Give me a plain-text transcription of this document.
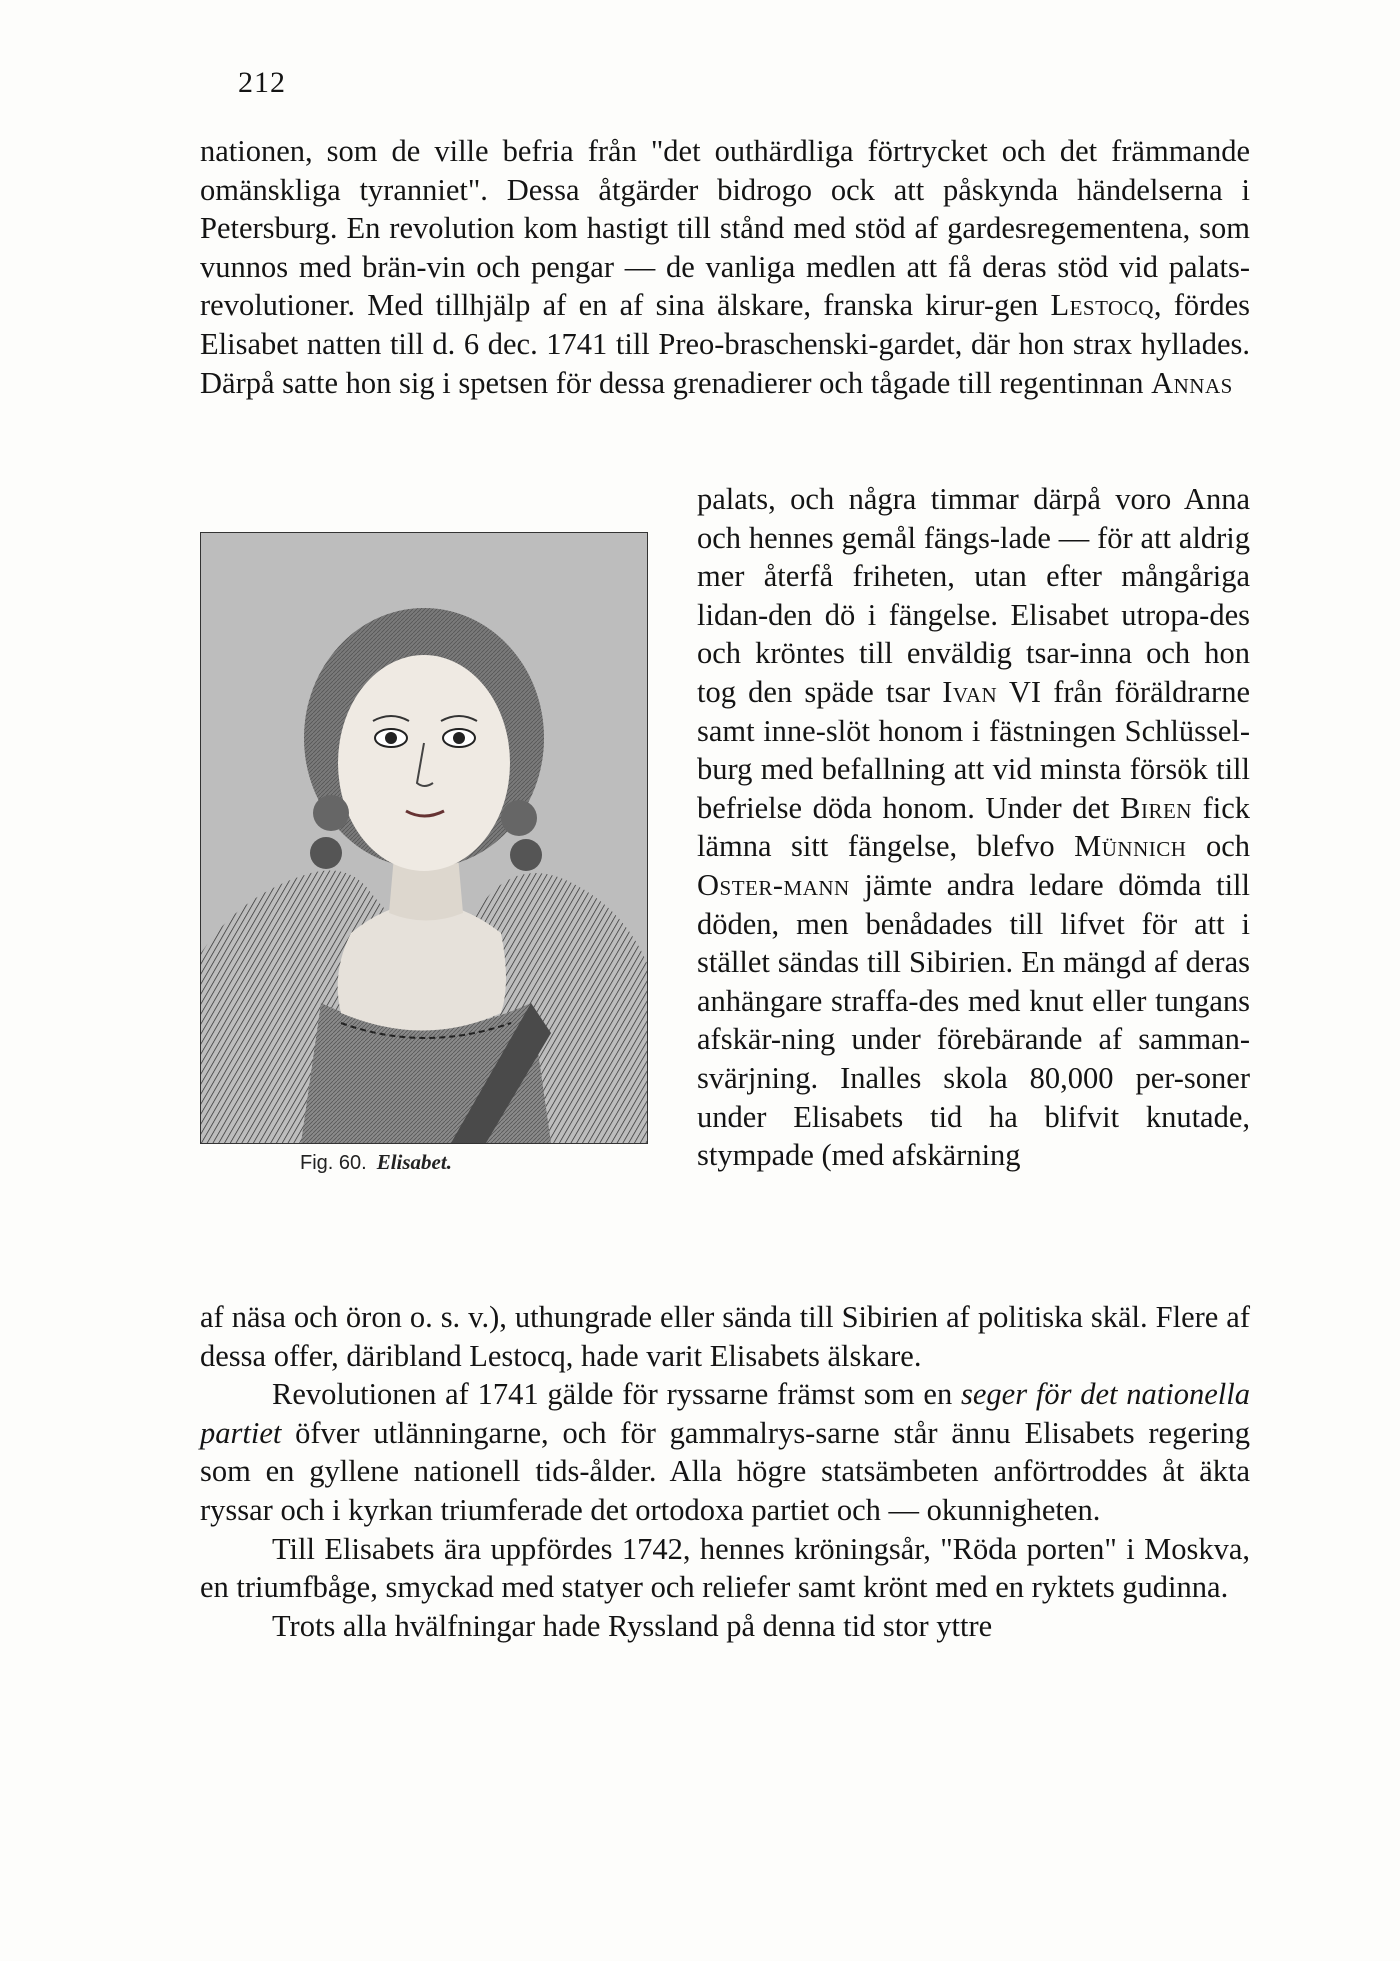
212

nationen, som de ville befria från "det outhärdliga förtrycket och det främmande omänskliga tyranniet". Dessa åtgärder bidrogo ock att påskynda händelserna i Petersburg. En revolution kom hastigt till stånd med stöd af gardesregementena, som vunnos med brän-vin och pengar — de vanliga medlen att få deras stöd vid palats-revolutioner. Med tillhjälp af en af sina älskare, franska kirur-gen Lestocq, fördes Elisabet natten till d. 6 dec. 1741 till Preo-braschenski-gardet, där hon strax hyllades. Därpå satte hon sig i spetsen för dessa grenadierer och tågade till regentinnan Annas

palats, och några timmar därpå voro Anna och hennes gemål fängs-lade — för att aldrig mer återfå friheten, utan efter mångåriga lidan-den dö i fängelse. Elisabet utropa-des och kröntes till enväldig tsar-inna och hon tog den späde tsar Ivan VI från föräldrarne samt inne-slöt honom i fästningen Schlüssel-burg med befallning att vid minsta försök till befrielse döda honom. Under det Biren fick lämna sitt fängelse, blefvo Münnich och Oster-mann jämte andra ledare dömda till döden, men benådades till lifvet för att i stället sändas till Sibirien. En mängd af deras anhängare straffa-des med knut eller tungans afskär-ning under förebärande af samman-svärjning. Inalles skola 80,000 per-soner under Elisabets tid ha blifvit knutade, stympade (med afskärning

Fig. 60. Elisabet.

af näsa och öron o. s. v.), uthungrade eller sända till Sibirien af politiska skäl. Flere af dessa offer, däribland Lestocq, hade varit Elisabets älskare.

Revolutionen af 1741 gälde för ryssarne främst som en seger för det nationella partiet öfver utlänningarne, och för gammalrys-sarne står ännu Elisabets regering som en gyllene nationell tids-ålder. Alla högre statsämbeten anförtroddes åt äkta ryssar och i kyrkan triumferade det ortodoxa partiet och — okunnigheten.

Till Elisabets ära uppfördes 1742, hennes kröningsår, "Röda porten" i Moskva, en triumfbåge, smyckad med statyer och reliefer samt krönt med en ryktets gudinna.

Trots alla hvälfningar hade Ryssland på denna tid stor yttre
